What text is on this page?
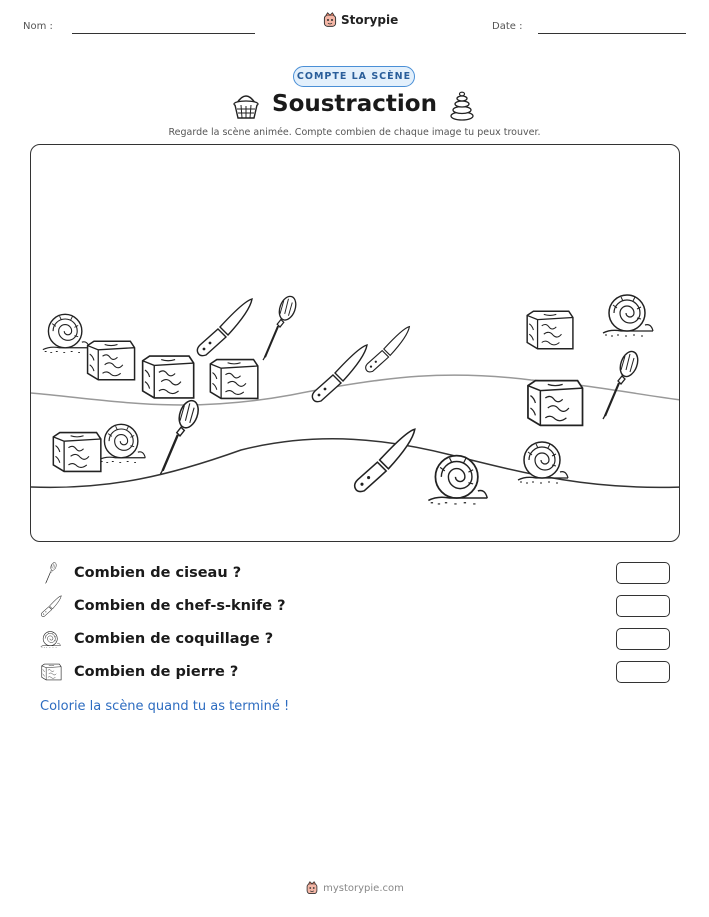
Nom :	Storypie	Date :
COMPTE LA SCÈNE
Soustraction
Regarde la scène animée. Compte combien de chaque image tu peux trouver.
Combien de ciseau ?
Combien de chef-s-knife ?
Combien de coquillage ?
Combien de pierre ?
Colorie la scène quand tu as terminé !
mystorypie.com
